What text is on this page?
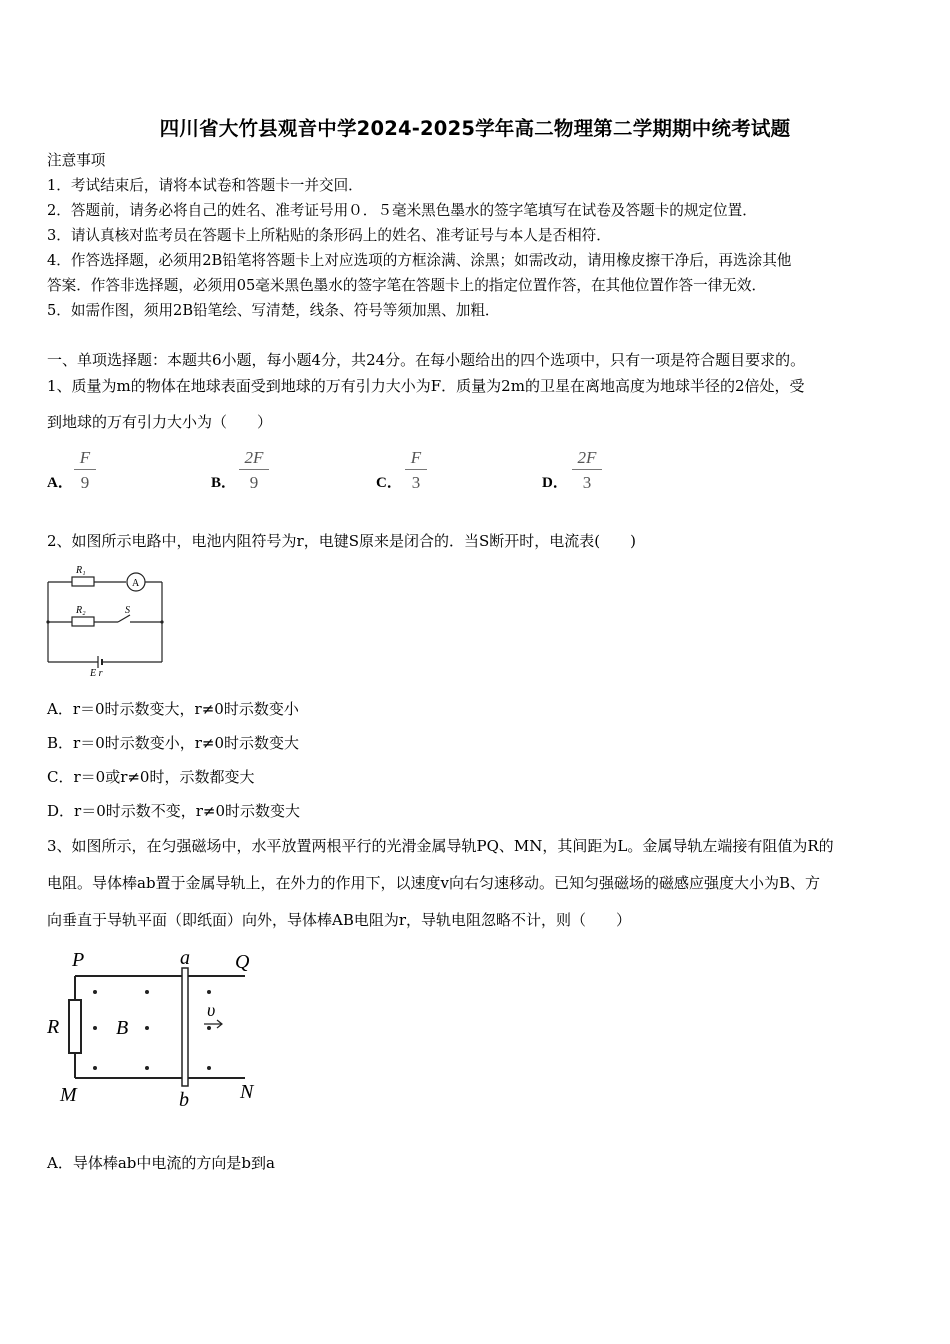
四川省大竹县观音中学2024-2025学年高二物理第二学期期中统考试题
注意事项
1．考试结束后，请将本试卷和答题卡一并交回．
2．答题前，请务必将自己的姓名、准考证号用０．５毫米黑色墨水的签字笔填写在试卷及答题卡的规定位置．
3．请认真核对监考员在答题卡上所粘贴的条形码上的姓名、准考证号与本人是否相符．
4．作答选择题，必须用2B铅笔将答题卡上对应选项的方框涂满、涂黑；如需改动，请用橡皮擦干净后，再选涂其他
答案．作答非选择题，必须用05毫米黑色墨水的签字笔在答题卡上的指定位置作答，在其他位置作答一律无效．
5．如需作图，须用2B铅笔绘、写清楚，线条、符号等须加黑、加粗．
一、单项选择题：本题共6小题，每小题4分，共24分。在每小题给出的四个选项中，只有一项是符合题目要求的。
1、质量为m的物体在地球表面受到地球的万有引力大小为F．质量为2m的卫星在离地高度为地球半径的2倍处，受
到地球的万有引力大小为（　　）
A．
F
9	B．
2F
9	C．
F
3	D．
2F
3
2、如图所示电路中，电池内阻符号为r，电键S原来是闭合的．当S断开时，电流表(　　)
R₁
R₂
A
S
E r
A．r＝0时示数变大，r≠0时示数变小
B．r＝0时示数变小，r≠0时示数变大
C．r＝0或r≠0时，示数都变大
D．r＝0时示数不变，r≠0时示数变大
3、如图所示，在匀强磁场中，水平放置两根平行的光滑金属导轨PQ、MN，其间距为L。金属导轨左端接有阻值为R的
电阻。导体棒ab置于金属导轨上，在外力的作用下，以速度v向右匀速移动。已知匀强磁场的磁感应强度大小为B、方
向垂直于导轨平面（即纸面）向外，导体棒AB电阻为r，导轨电阻忽略不计，则（　　）
P	a Q
R	B
υ
M	b	N
A．导体棒ab中电流的方向是b到a
